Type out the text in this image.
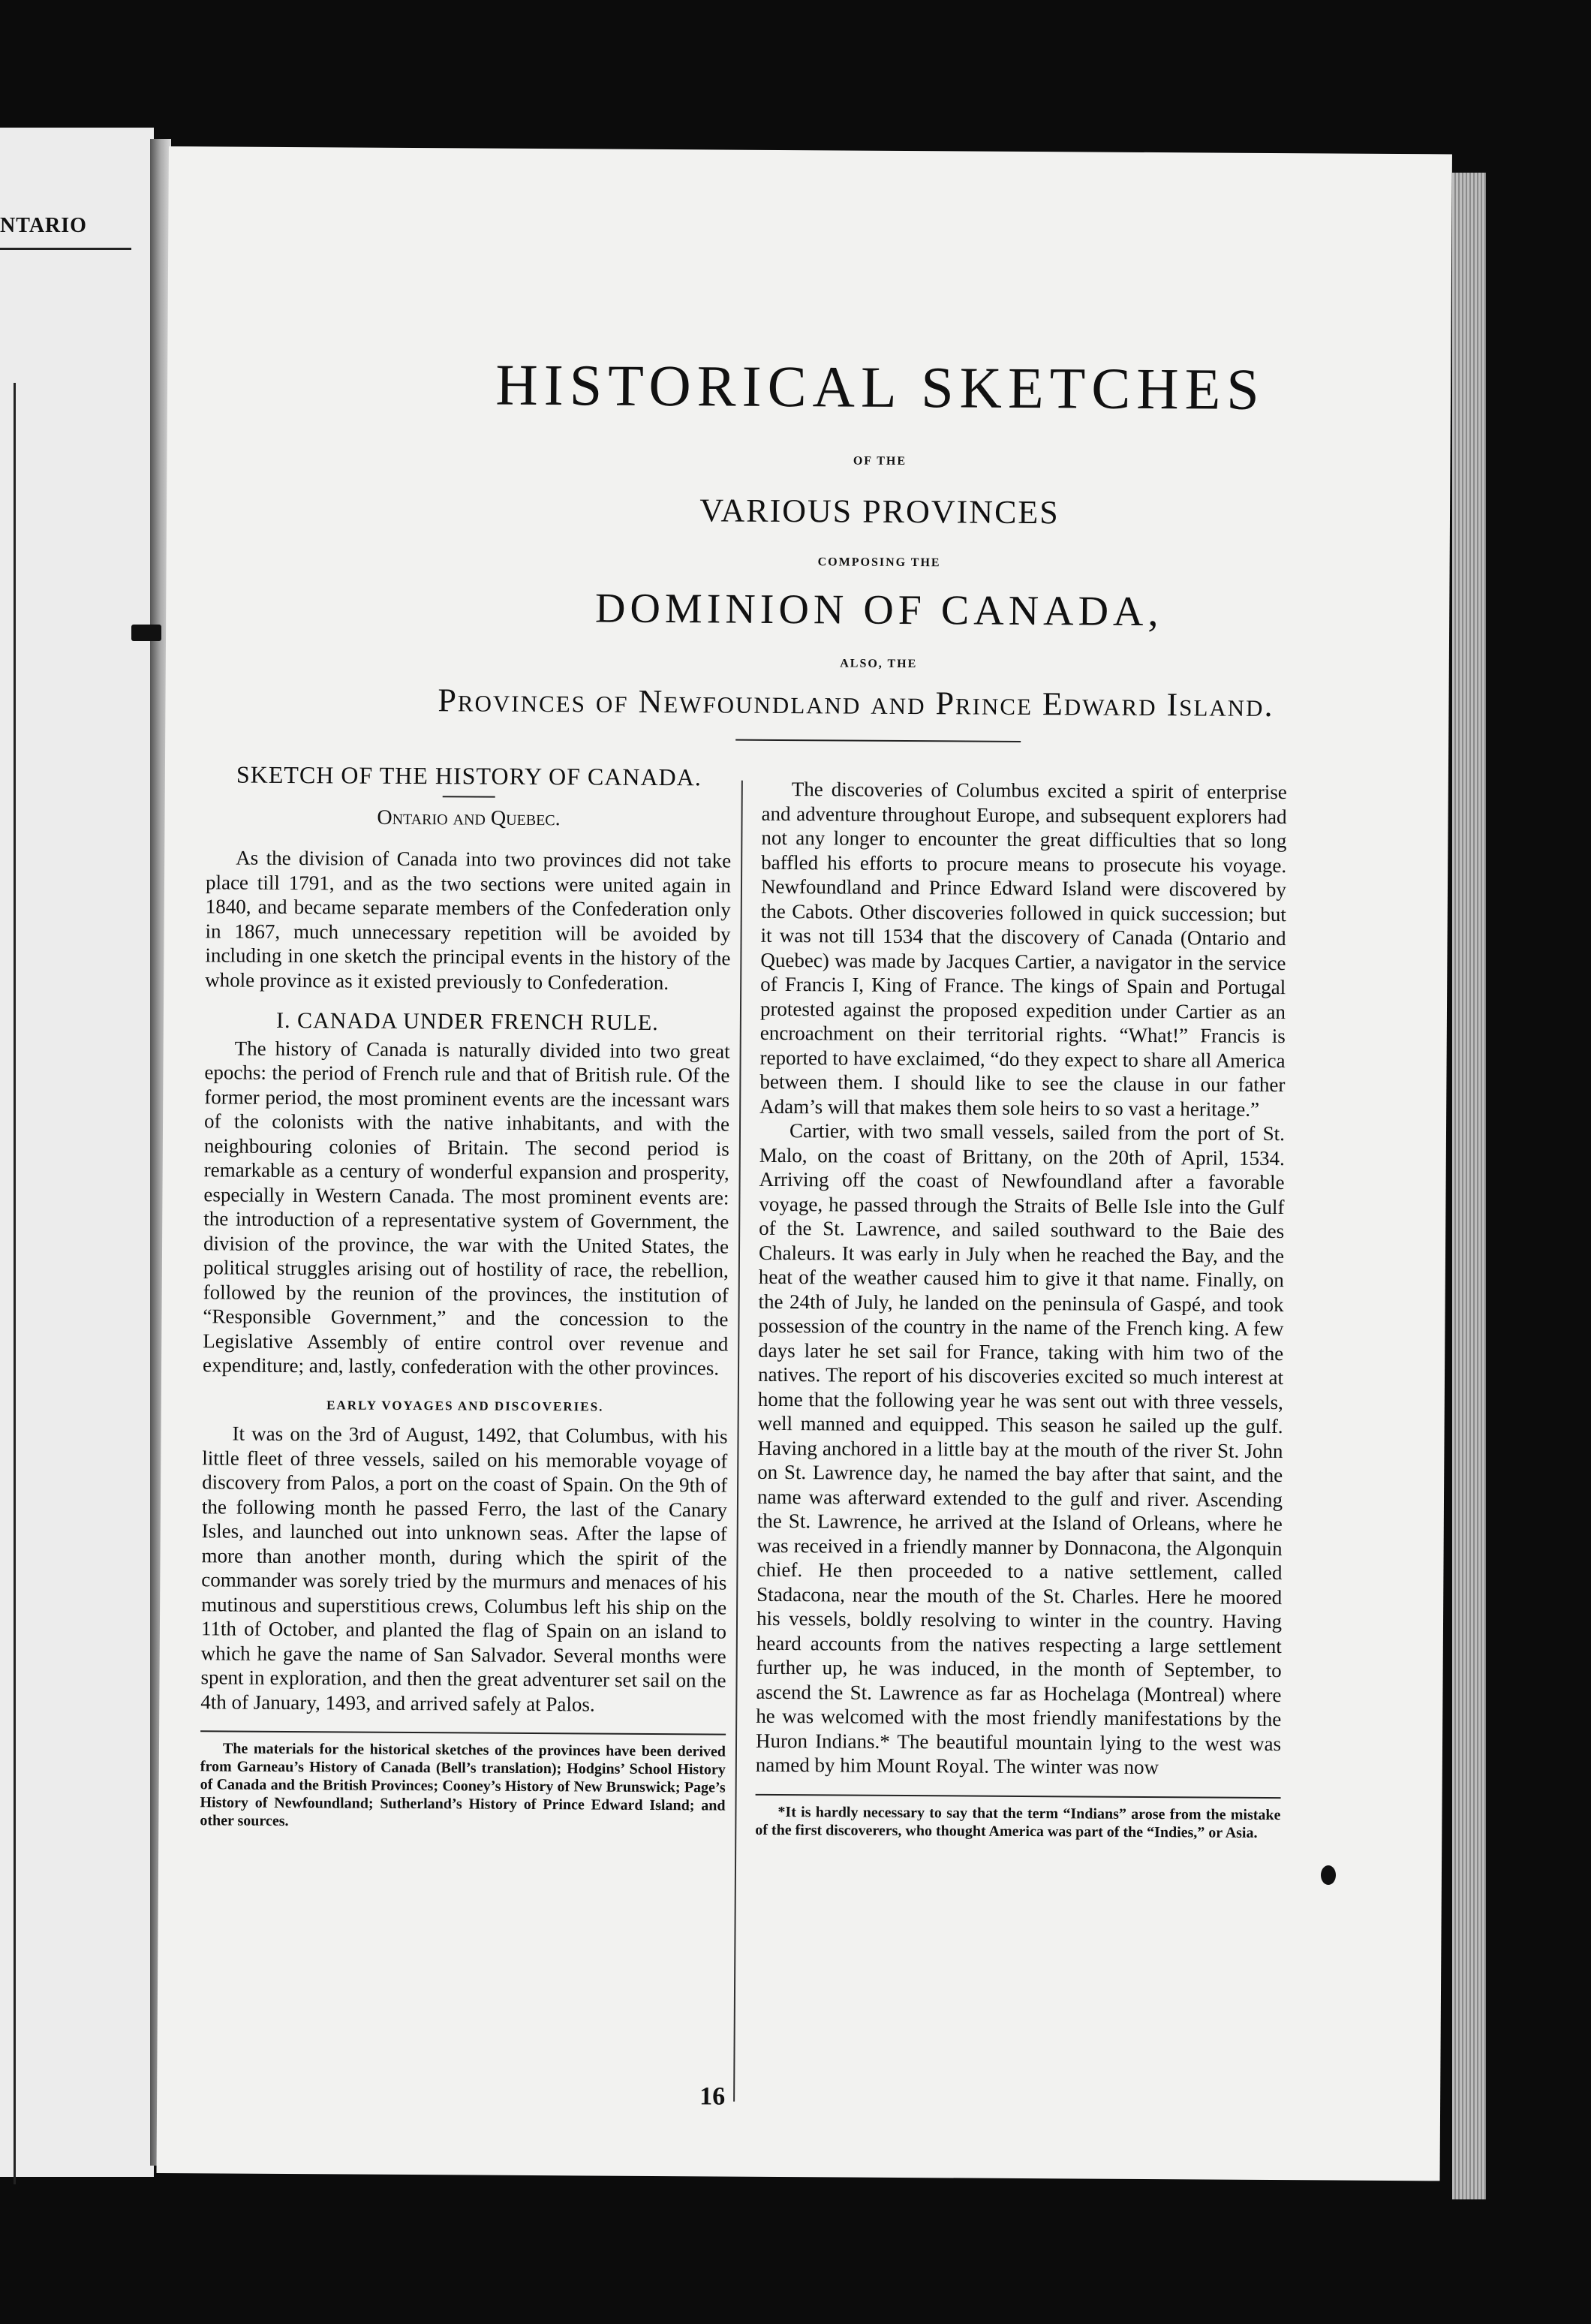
NTARIO
HISTORICAL SKETCHES
OF THE
VARIOUS PROVINCES
COMPOSING THE
DOMINION OF CANADA,
ALSO, THE
Provinces of Newfoundland and Prince Edward Island.
SKETCH OF THE HISTORY OF CANADA.
Ontario and Quebec.

As the division of Canada into two provinces did not take place till 1791, and as the two sections were united again in 1840, and became separate members of the Confederation only in 1867, much unnecessary repetition will be avoided by including in one sketch the principal events in the history of the whole province as it existed previously to Confederation.

I. CANADA UNDER FRENCH RULE.

The history of Canada is naturally divided into two great epochs: the period of French rule and that of British rule. Of the former period, the most prominent events are the incessant wars of the colonists with the native inhabitants, and with the neighbouring colonies of Britain. The second period is remarkable as a century of wonderful expansion and prosperity, especially in Western Canada. The most prominent events are: the introduction of a representative system of Government, the division of the province, the war with the United States, the political struggles arising out of hostility of race, the rebellion, followed by the reunion of the provinces, the institution of “Responsible Government,” and the concession to the Legislative Assembly of entire control over revenue and expenditure; and, lastly, confederation with the other provinces.

EARLY VOYAGES AND DISCOVERIES.

It was on the 3rd of August, 1492, that Columbus, with his little fleet of three vessels, sailed on his memorable voyage of discovery from Palos, a port on the coast of Spain. On the 9th of the following month he passed Ferro, the last of the Canary Isles, and launched out into unknown seas. After the lapse of more than another month, during which the spirit of the commander was sorely tried by the murmurs and menaces of his mutinous and superstitious crews, Columbus left his ship on the 11th of October, and planted the flag of Spain on an island to which he gave the name of San Salvador. Several months were spent in exploration, and then the great adventurer set sail on the 4th of January, 1493, and arrived safely at Palos.

The materials for the historical sketches of the provinces have been derived from Garneau’s History of Canada (Bell’s translation); Hodgins’ School History of Canada and the British Provinces; Cooney’s History of New Brunswick; Page’s History of Newfoundland; Sutherland’s History of Prince Edward Island; and other sources.

The discoveries of Columbus excited a spirit of enterprise and adventure throughout Europe, and subsequent explorers had not any longer to encounter the great difficulties that so long baffled his efforts to procure means to prosecute his voyage. Newfoundland and Prince Edward Island were discovered by the Cabots. Other discoveries followed in quick succession; but it was not till 1534 that the discovery of Canada (Ontario and Quebec) was made by Jacques Cartier, a navigator in the service of Francis I, King of France. The kings of Spain and Portugal protested against the proposed expedition under Cartier as an encroachment on their territorial rights. “What!” Francis is reported to have exclaimed, “do they expect to share all America between them. I should like to see the clause in our father Adam’s will that makes them sole heirs to so vast a heritage.”

Cartier, with two small vessels, sailed from the port of St. Malo, on the coast of Brittany, on the 20th of April, 1534. Arriving off the coast of Newfoundland after a favorable voyage, he passed through the Straits of Belle Isle into the Gulf of the St. Lawrence, and sailed southward to the Baie des Chaleurs. It was early in July when he reached the Bay, and the heat of the weather caused him to give it that name. Finally, on the 24th of July, he landed on the peninsula of Gaspé, and took possession of the country in the name of the French king. A few days later he set sail for France, taking with him two of the natives. The report of his discoveries excited so much interest at home that the following year he was sent out with three vessels, well manned and equipped. This season he sailed up the gulf. Having anchored in a little bay at the mouth of the river St. John on St. Lawrence day, he named the bay after that saint, and the name was afterward extended to the gulf and river. Ascending the St. Lawrence, he arrived at the Island of Orleans, where he was received in a friendly manner by Donnacona, the Algonquin chief. He then proceeded to a native settlement, called Stadacona, near the mouth of the St. Charles. Here he moored his vessels, boldly resolving to winter in the country. Having heard accounts from the natives respecting a large settlement further up, he was induced, in the month of September, to ascend the St. Lawrence as far as Hochelaga (Montreal) where he was welcomed with the most friendly manifestations by the Huron Indians.* The beautiful mountain lying to the west was named by him Mount Royal. The winter was now

*It is hardly necessary to say that the term “Indians” arose from the mistake of the first discoverers, who thought America was part of the “Indies,” or Asia.

16
